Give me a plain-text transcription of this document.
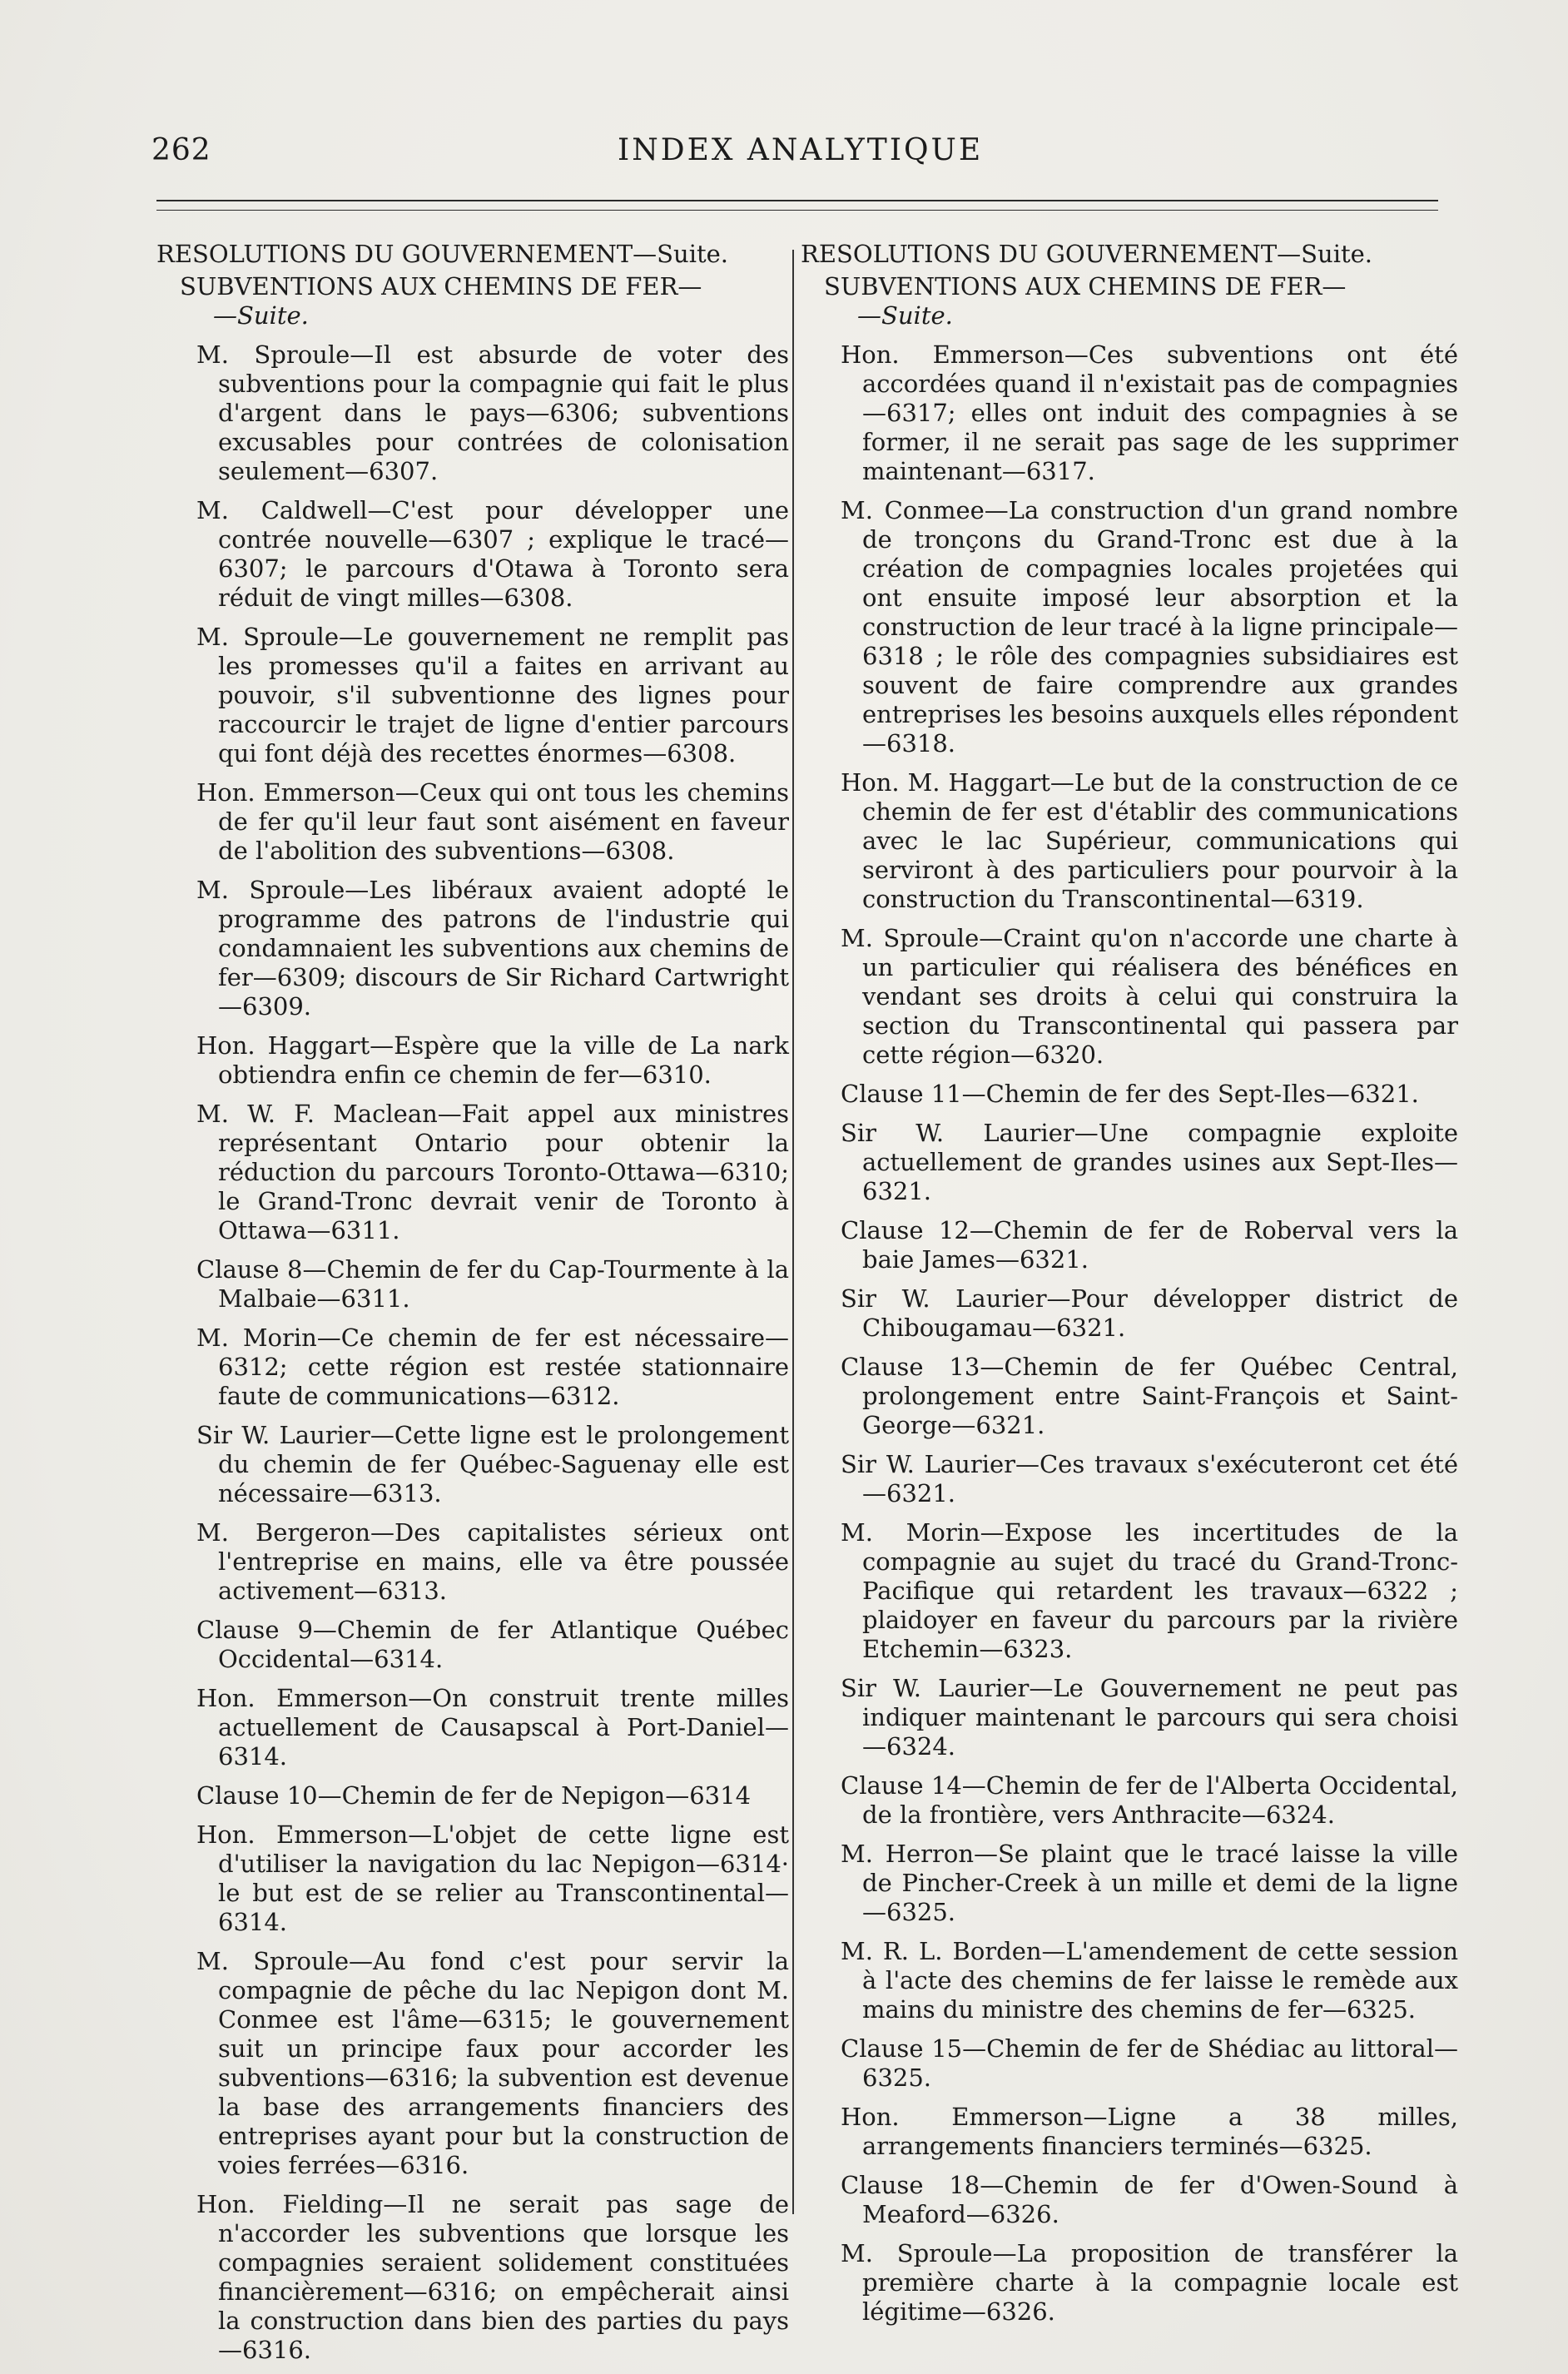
262	INDEX ANALYTIQUE

RESOLUTIONS DU GOUVERNEMENT—Suite.

SUBVENTIONS AUX CHEMINS DE FER—
—Suite.

M. Sproule—Il est absurde de voter des subventions pour la compagnie qui fait le plus d'argent dans le pays—6306; subventions excusables pour contrées de colonisation seulement—6307.

M. Caldwell—C'est pour développer une contrée nouvelle—6307 ; explique le tracé—6307; le parcours d'Otawa à Toronto sera réduit de vingt milles—6308.

M. Sproule—Le gouvernement ne remplit pas les promesses qu'il a faites en arrivant au pouvoir, s'il subventionne des lignes pour raccourcir le trajet de ligne d'entier parcours qui font déjà des recettes énormes—6308.

Hon. Emmerson—Ceux qui ont tous les chemins de fer qu'il leur faut sont aisément en faveur de l'abolition des subventions—6308.

M. Sproule—Les libéraux avaient adopté le programme des patrons de l'industrie qui condamnaient les subventions aux chemins de fer—6309; discours de Sir Richard Cartwright—6309.

Hon. Haggart—Espère que la ville de La nark obtiendra enfin ce chemin de fer—6310.

M. W. F. Maclean—Fait appel aux ministres représentant Ontario pour obtenir la réduction du parcours Toronto-Ottawa—6310; le Grand-Tronc devrait venir de Toronto à Ottawa—6311.

Clause 8—Chemin de fer du Cap-Tourmente à la Malbaie—6311.

M. Morin—Ce chemin de fer est nécessaire—6312; cette région est restée stationnaire faute de communications—6312.

Sir W. Laurier—Cette ligne est le prolongement du chemin de fer Québec-Saguenay elle est nécessaire—6313.

M. Bergeron—Des capitalistes sérieux ont l'entreprise en mains, elle va être poussée activement—6313.

Clause 9—Chemin de fer Atlantique Québec Occidental—6314.

Hon. Emmerson—On construit trente milles actuellement de Causapscal à Port-Daniel—6314.

Clause 10—Chemin de fer de Nepigon—6314

Hon. Emmerson—L'objet de cette ligne est d'utiliser la navigation du lac Nepigon—6314· le but est de se relier au Transcontinental—6314.

M. Sproule—Au fond c'est pour servir la compagnie de pêche du lac Nepigon dont M. Conmee est l'âme—6315; le gouvernement suit un principe faux pour accorder les subventions—6316; la subvention est devenue la base des arrangements financiers des entreprises ayant pour but la construction de voies ferrées—6316.

Hon. Fielding—Il ne serait pas sage de n'accorder les subventions que lorsque les compagnies seraient solidement constituées financièrement—6316; on empêcherait ainsi la construction dans bien des parties du pays—6316.

RESOLUTIONS DU GOUVERNEMENT—Suite.

SUBVENTIONS AUX CHEMINS DE FER—
—Suite.

Hon. Emmerson—Ces subventions ont été accordées quand il n'existait pas de compagnies—6317; elles ont induit des compagnies à se former, il ne serait pas sage de les supprimer maintenant—6317.

M. Conmee—La construction d'un grand nombre de tronçons du Grand-Tronc est due à la création de compagnies locales projetées qui ont ensuite imposé leur absorption et la construction de leur tracé à la ligne principale—6318 ; le rôle des compagnies subsidiaires est souvent de faire comprendre aux grandes entreprises les besoins auxquels elles répondent—6318.

Hon. M. Haggart—Le but de la construction de ce chemin de fer est d'établir des communications avec le lac Supérieur, communications qui serviront à des particuliers pour pourvoir à la construction du Transcontinental—6319.

M. Sproule—Craint qu'on n'accorde une charte à un particulier qui réalisera des bénéfices en vendant ses droits à celui qui construira la section du Transcontinental qui passera par cette région—6320.

Clause 11—Chemin de fer des Sept-Iles—6321.

Sir W. Laurier—Une compagnie exploite actuellement de grandes usines aux Sept-Iles—6321.

Clause 12—Chemin de fer de Roberval vers la baie James—6321.

Sir W. Laurier—Pour développer district de Chibougamau—6321.

Clause 13—Chemin de fer Québec Central, prolongement entre Saint-François et Saint-George—6321.

Sir W. Laurier—Ces travaux s'exécuteront cet été—6321.

M. Morin—Expose les incertitudes de la compagnie au sujet du tracé du Grand-Tronc-Pacifique qui retardent les travaux—6322 ; plaidoyer en faveur du parcours par la rivière Etchemin—6323.

Sir W. Laurier—Le Gouvernement ne peut pas indiquer maintenant le parcours qui sera choisi—6324.

Clause 14—Chemin de fer de l'Alberta Occidental, de la frontière, vers Anthracite—6324.

M. Herron—Se plaint que le tracé laisse la ville de Pincher-Creek à un mille et demi de la ligne—6325.

M. R. L. Borden—L'amendement de cette session à l'acte des chemins de fer laisse le remède aux mains du ministre des chemins de fer—6325.

Clause 15—Chemin de fer de Shédiac au littoral—6325.

Hon. Emmerson—Ligne a 38 milles, arrangements financiers terminés—6325.

Clause 18—Chemin de fer d'Owen-Sound à Meaford—6326.

M. Sproule—La proposition de transférer la première charte à la compagnie locale est légitime—6326.
